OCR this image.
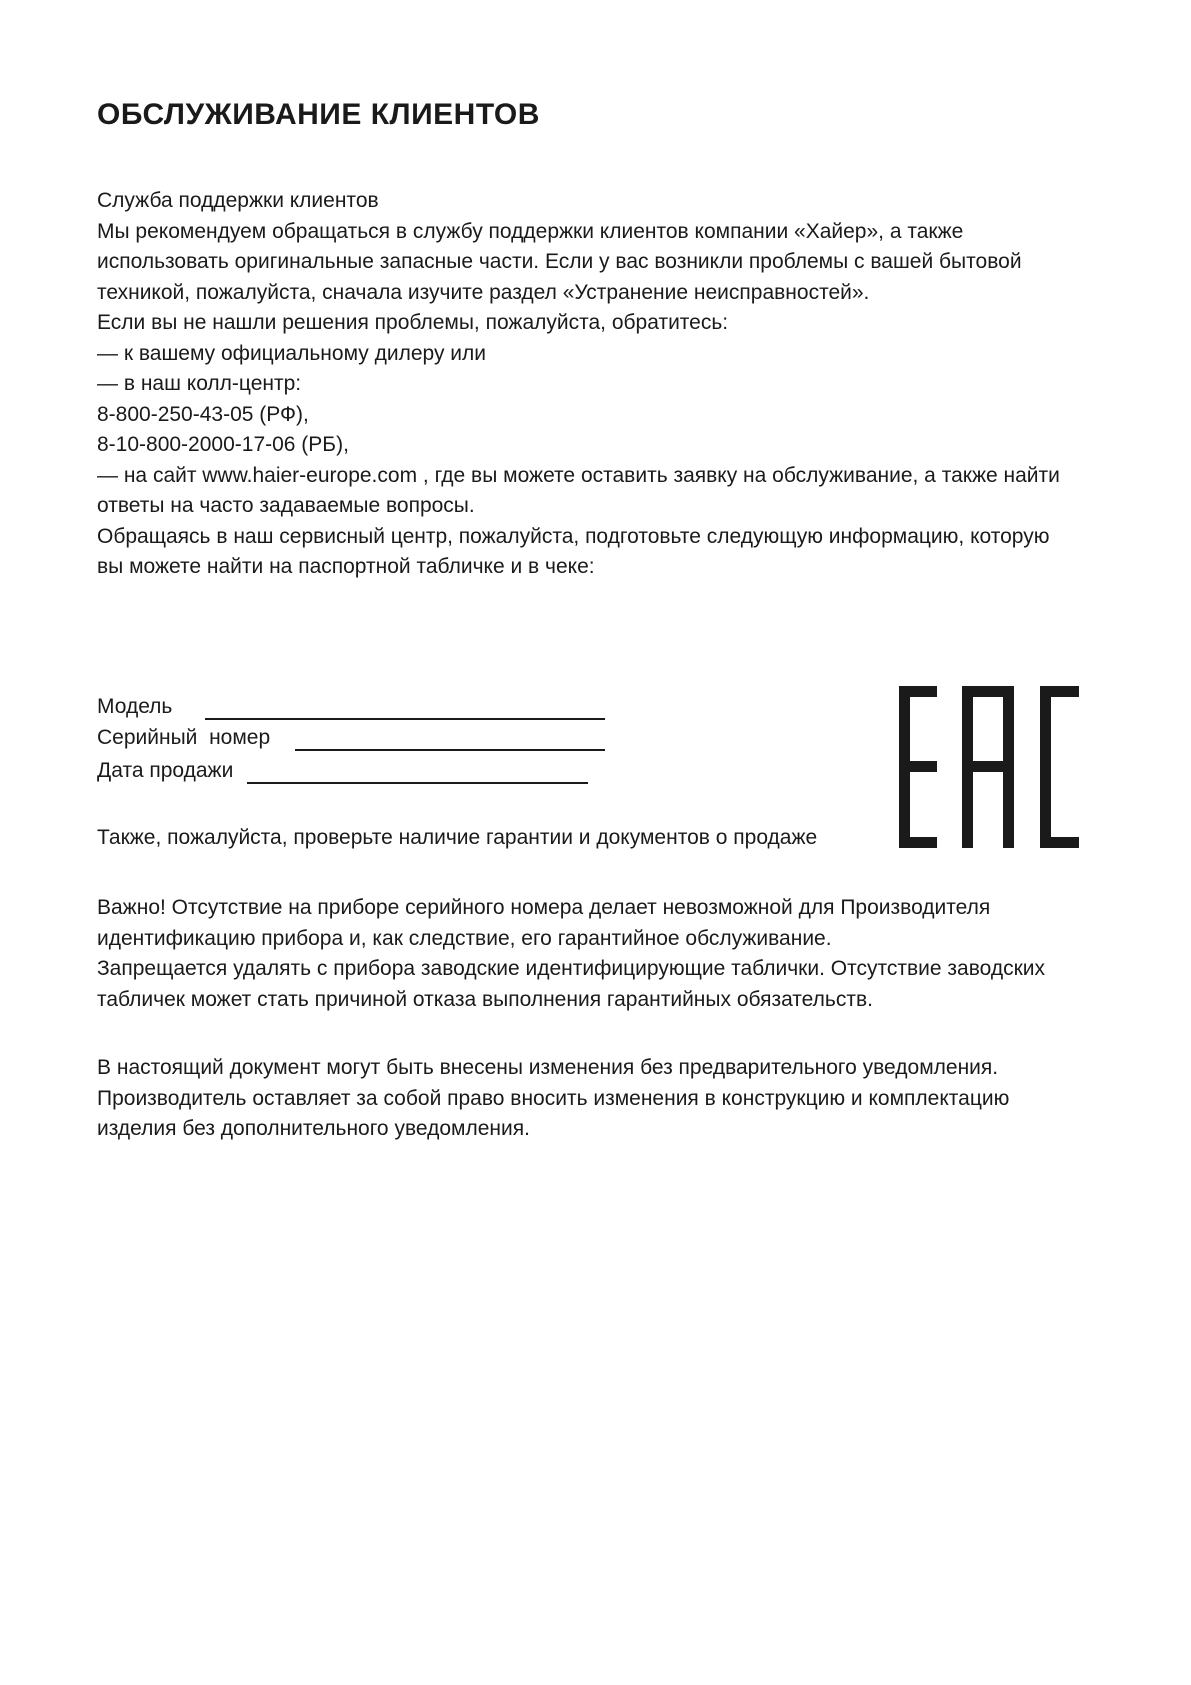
ОБСЛУЖИВАНИЕ КЛИЕНТОВ
Служба поддержки клиентов
Мы рекомендуем обращаться в службу поддержки клиентов компании «Хайер», а также
использовать оригинальные запасные части. Если у вас возникли проблемы с вашей бытовой
техникой, пожалуйста, сначала изучите раздел «Устранение неисправностей».
Если вы не нашли решения проблемы, пожалуйста, обратитесь:
— к вашему официальному дилеру или
— в наш колл-центр:
8-800-250-43-05 (РФ),
8-10-800-2000-17-06 (РБ),
— на сайт www.haier-europe.com , где вы можете оставить заявку на обслуживание, а также найти
ответы на часто задаваемые вопросы.
Обращаясь в наш сервисный центр, пожалуйста, подготовьте следующую информацию, которую
вы можете найти на паспортной табличке и в чеке:
Модель
Серийный  номер
Дата продажи
Также, пожалуйста, проверьте наличие гарантии и документов о продаже
Важно! Отсутствие на приборе серийного номера делает невозможной для Производителя
идентификацию прибора и, как следствие, его гарантийное обслуживание.
Запрещается удалять с прибора заводские идентифицирующие таблички. Отсутствие заводских
табличек может стать причиной отказа выполнения гарантийных обязательств.
В настоящий документ могут быть внесены изменения без предварительного уведомления.
Производитель оставляет за собой право вносить изменения в конструкцию и комплектацию
изделия без дополнительного уведомления.
